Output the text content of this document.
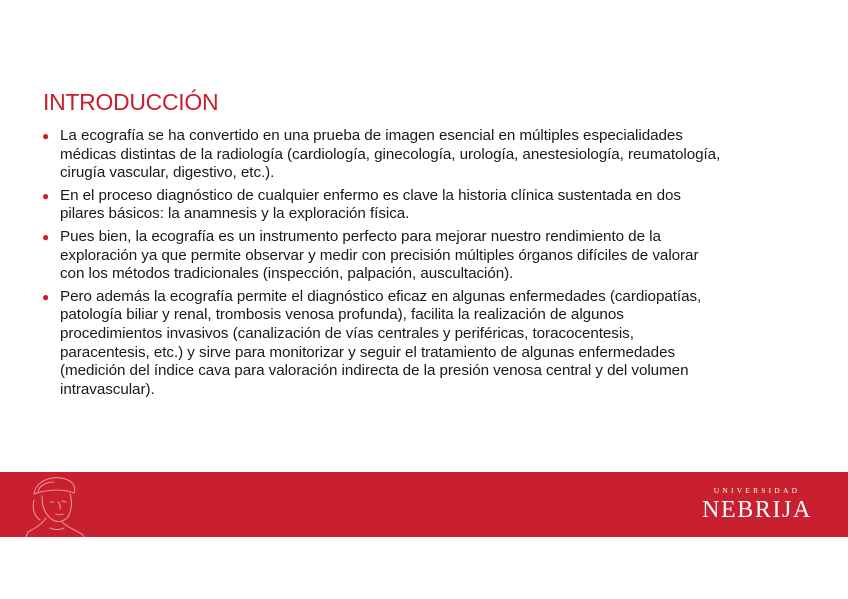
INTRODUCCIÓN
● La ecografía se ha convertido en una prueba de imagen esencial en múltiples especialidades
médicas distintas de la radiología (cardiología, ginecología, urología, anestesiología, reumatología,
cirugía vascular, digestivo, etc.).
● En el proceso diagnóstico de cualquier enfermo es clave la historia clínica sustentada en dos
pilares básicos: la anamnesis y la exploración física.
● Pues bien, la ecografía es un instrumento perfecto para mejorar nuestro rendimiento de la
exploración ya que permite observar y medir con precisión múltiples órganos difíciles de valorar
con los métodos tradicionales (inspección, palpación, auscultación).
● Pero además la ecografía permite el diagnóstico eficaz en algunas enfermedades (cardiopatías,
patología biliar y renal, trombosis venosa profunda), facilita la realización de algunos
procedimientos invasivos (canalización de vías centrales y periféricas, toracocentesis,
paracentesis, etc.) y sirve para monitorizar y seguir el tratamiento de algunas enfermedades
(medición del índice cava para valoración indirecta de la presión venosa central y del volumen
intravascular).
UNIVERSIDAD
NEBRIJA
